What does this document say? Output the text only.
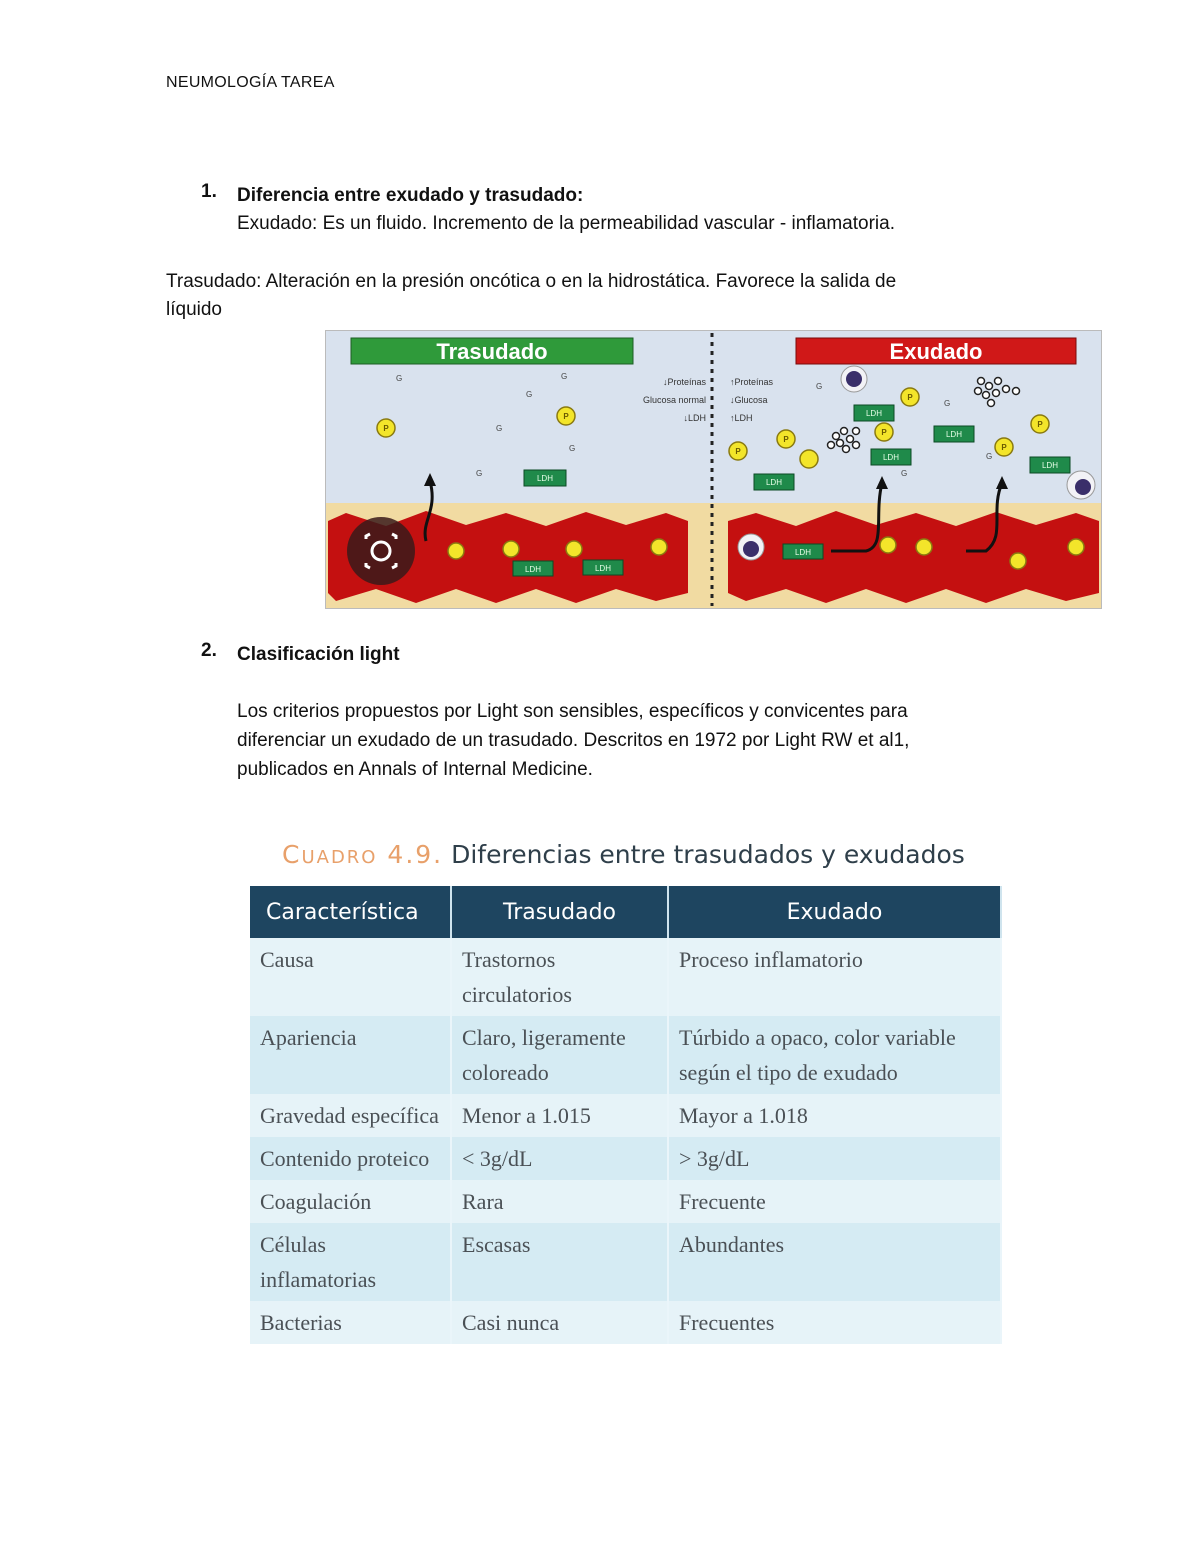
NEUMOLOGÍA TAREA
1. Diferencia entre exudado y trasudado:
Exudado: Es un fluido. Incremento de la permeabilidad vascular - inflamatoria.
Trasudado: Alteración en la presión oncótica o en la hidrostática. Favorece la salida de
líquido
Trasudado	Exudado
↓Proteínas
Glucosa normal
↓LDH
↑Proteínas
↓Glucosa
↑LDH
P
P
P
P
P
P
P
P
LDH
LDH	LDH
LDH
LDH
LDH
LDH
LDH
LDH
G	G
G
G
G
G
G
G
G
G
2. Clasificación light
Los criterios propuestos por Light son sensibles, específicos y convicentes para
diferenciar un exudado de un trasudado. Descritos en 1972 por Light RW et al1,
publicados en Annals of Internal Medicine.
Cuadro 4.9. Diferencias entre trasudados y exudados
Característica	Trasudado	Exudado
Causa	Trastornos circulatorios	Proceso inflamatorio
Apariencia	Claro, ligeramente coloreado	Túrbido a opaco, color variable según el tipo de exudado
Gravedad específica	Menor a 1.015	Mayor a 1.018
Contenido proteico	< 3g/dL	> 3g/dL
Coagulación	Rara	Frecuente
Células inflamatorias	Escasas	Abundantes
Bacterias	Casi nunca	Frecuentes
